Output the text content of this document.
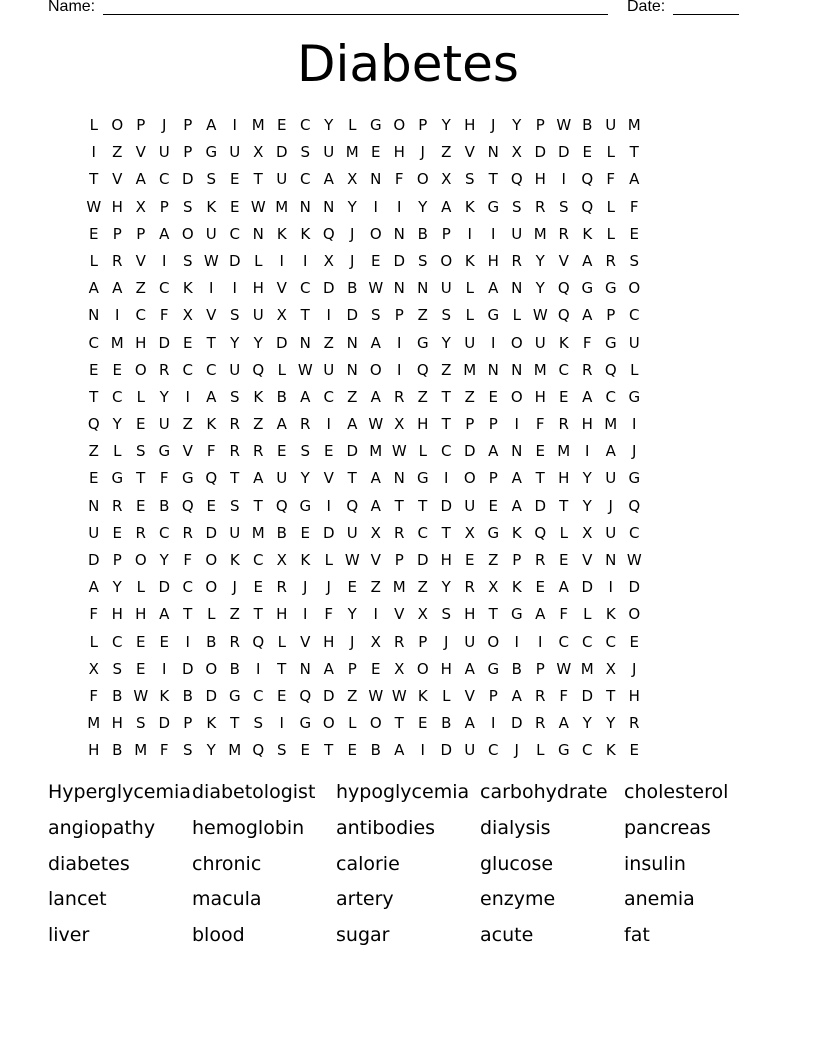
Name:	Date:
Diabetes
L O P	J	P A	I M E C Y L G O P Y H	J	Y P W B U M
I	Z V U P G U X D S U M E H	J	Z V N X D D E L T
T V A C D S E T U C A X N F O X S T Q H	I	Q F A
W H X P S K E W M N N Y	I	I	Y A K G S R S Q L	F
E P P A O U C N K K Q	J	O N B P	I	I	U M R K L E
L R V	I	S W D L	I	I	X	J	E D S O K H R Y V A R S
A A Z C K	I	I	H V C D B W N N U L A N Y Q G G O
N	I	C F X V S U X T	I	D S P Z S L G L W Q A P C
C M H D E T Y Y D N Z N A	I	G Y U	I	O U K F G U
E E O R C C U Q L W U N O	I	Q Z M N N M C R Q L
T C L Y	I	A S K B A C Z A R Z T Z E O H E A C G
Q Y E U Z K R Z A R	I	A W X H T P P	I	F R H M I
Z L S G V F R R E S E D M W L C D A N E M I	A	J
E G T F G Q T A U Y V T A N G	I	O P A T H Y U G
N R E B Q E S T Q G	I	Q A T T D U E A D T Y	J	Q
U E R C R D U M B E D U X R C T X G K Q L X U C
D P O Y F O K C X K L W V P D H E Z P R E V N W
A Y L D C O	J	E R	J	J	E Z M Z Y R X K E A D	I	D
F H H A T L Z T H	I	F Y	I	V X S H T G A F	L K O
L C E E	I	B R Q L V H	J	X R P	J	U O	I	I	C C C E
X S E	I	D O B	I	T N A P E X O H A G B P W M X	J
F B W K B D G C E Q D Z W W K L V P A R F D T H
M H S D P K T S	I	G O L O T E B A	I	D R A Y Y R
H B M F S Y M Q S E T E B A	I	D U C	J	L G C K E
Hyperglycemia diabetologist	hypoglycemia carbohydrate cholesterol
angiopathy	hemoglobin	antibodies	dialysis	pancreas
diabetes	chronic	calorie	glucose	insulin
lancet	macula	artery	enzyme	anemia
liver	blood	sugar	acute	fat
